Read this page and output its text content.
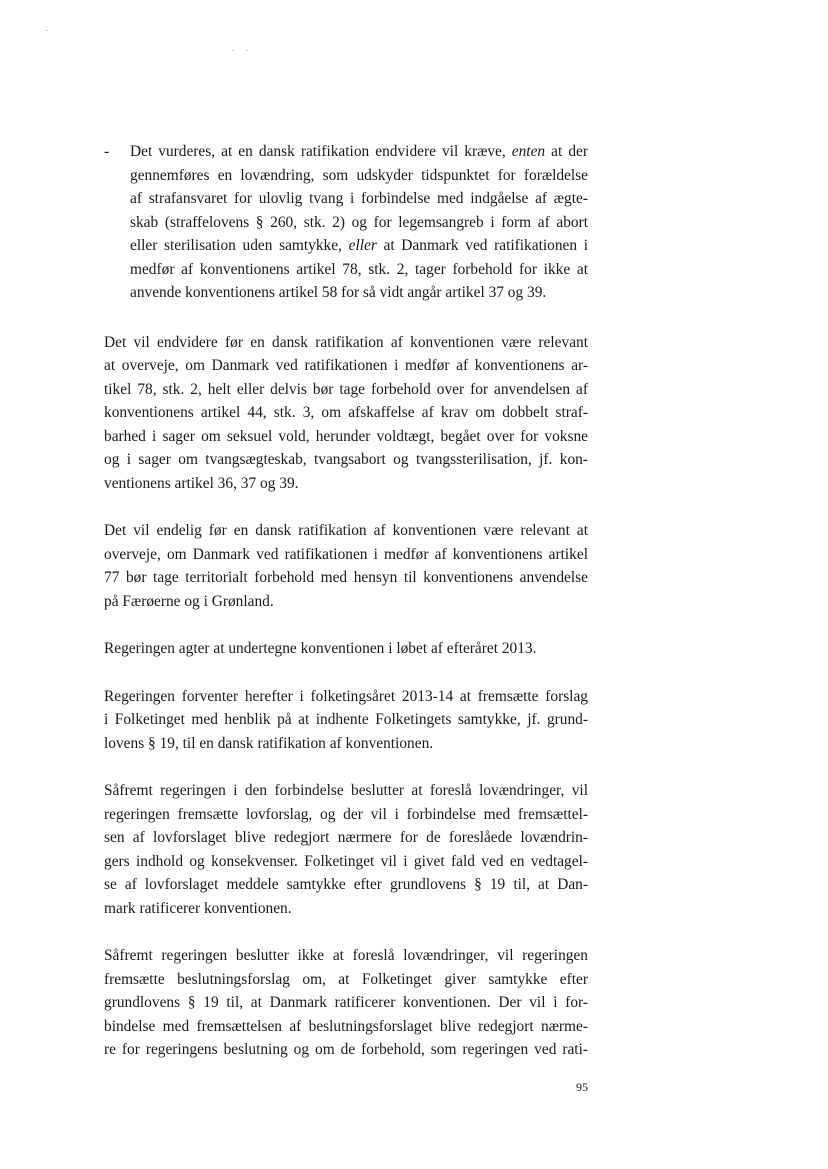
- Det vurderes, at en dansk ratifikation endvidere vil kræve, enten at der
gennemføres en lovændring, som udskyder tidspunktet for forældelse
af strafansvaret for ulovlig tvang i forbindelse med indgåelse af ægte-
skab (straffelovens § 260, stk. 2) og for legemsangreb i form af abort
eller sterilisation uden samtykke, eller at Danmark ved ratifikationen i
medfør af konventionens artikel 78, stk. 2, tager forbehold for ikke at
anvende konventionens artikel 58 for så vidt angår artikel 37 og 39.
Det vil endvidere før en dansk ratifikation af konventionen være relevant
at overveje, om Danmark ved ratifikationen i medfør af konventionens ar-
tikel 78, stk. 2, helt eller delvis bør tage forbehold over for anvendelsen af
konventionens artikel 44, stk. 3, om afskaffelse af krav om dobbelt straf-
barhed i sager om seksuel vold, herunder voldtægt, begået over for voksne
og i sager om tvangsægteskab, tvangsabort og tvangssterilisation, jf. kon-
ventionens artikel 36, 37 og 39.
Det vil endelig før en dansk ratifikation af konventionen være relevant at
overveje, om Danmark ved ratifikationen i medfør af konventionens artikel
77 bør tage territorialt forbehold med hensyn til konventionens anvendelse
på Færøerne og i Grønland.
Regeringen agter at undertegne konventionen i løbet af efteråret 2013.
Regeringen forventer herefter i folketingsåret 2013-14 at fremsætte forslag
i Folketinget med henblik på at indhente Folketingets samtykke, jf. grund-
lovens § 19, til en dansk ratifikation af konventionen.
Såfremt regeringen i den forbindelse beslutter at foreslå lovændringer, vil
regeringen fremsætte lovforslag, og der vil i forbindelse med fremsættel-
sen af lovforslaget blive redegjort nærmere for de foreslåede lovændrin-
gers indhold og konsekvenser. Folketinget vil i givet fald ved en vedtagel-
se af lovforslaget meddele samtykke efter grundlovens § 19 til, at Dan-
mark ratificerer konventionen.
Såfremt regeringen beslutter ikke at foreslå lovændringer, vil regeringen
fremsætte beslutningsforslag om, at Folketinget giver samtykke efter
grundlovens § 19 til, at Danmark ratificerer konventionen. Der vil i for-
bindelse med fremsættelsen af beslutningsforslaget blive redegjort nærme-
re for regeringens beslutning og om de forbehold, som regeringen ved rati-
95
